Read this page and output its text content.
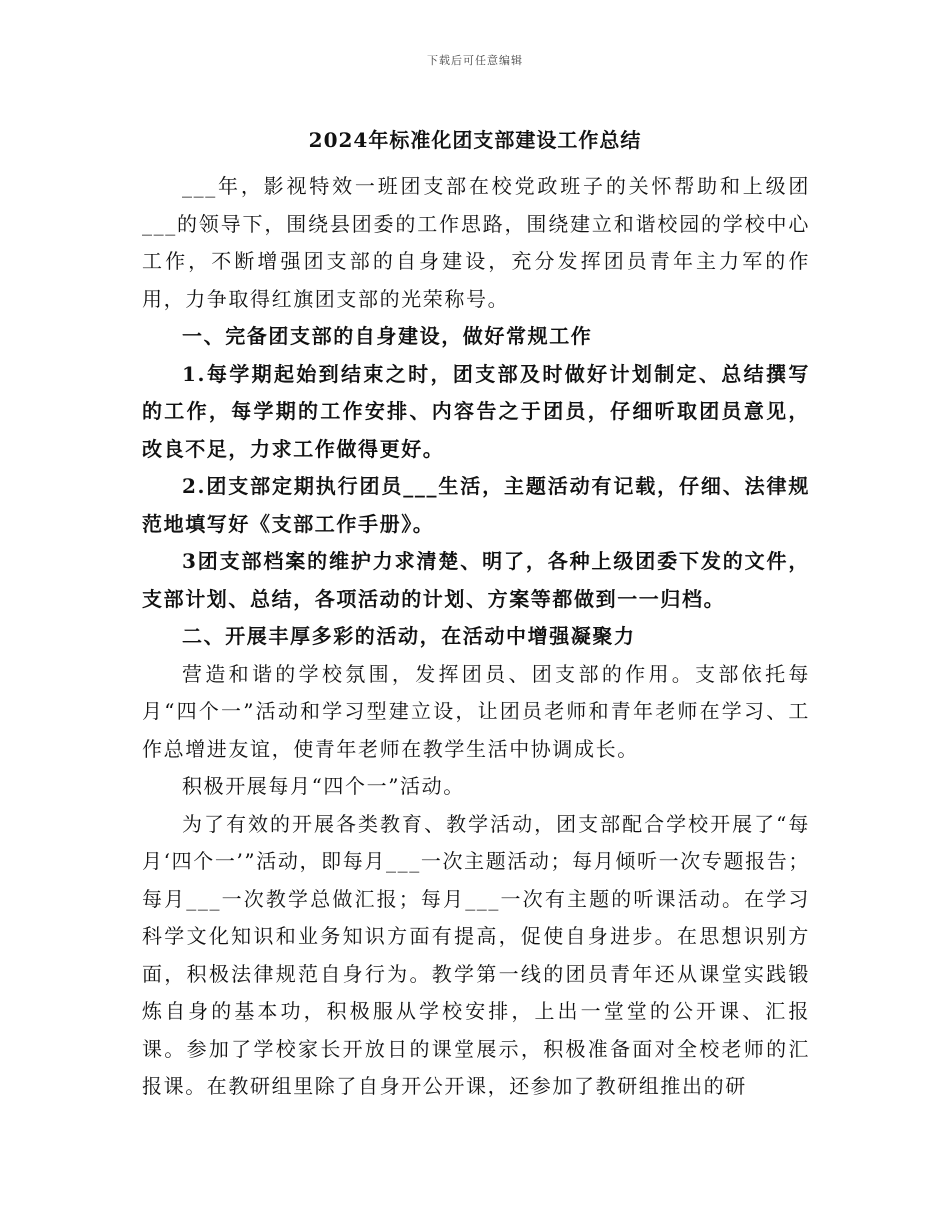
下载后可任意编辑
2024年标准化团支部建设工作总结

___年，影视特效一班团支部在校党政班子的关怀帮助和上级团___的领导下，围绕县团委的工作思路，围绕建立和谐校园的学校中心工作，不断增强团支部的自身建设，充分发挥团员青年主力军的作用，力争取得红旗团支部的光荣称号。

一、完备团支部的自身建设，做好常规工作

1.每学期起始到结束之时，团支部及时做好计划制定、总结撰写的工作，每学期的工作安排、内容告之于团员，仔细听取团员意见，改良不足，力求工作做得更好。

2.团支部定期执行团员___生活，主题活动有记载，仔细、法律规范地填写好《支部工作手册》。

3团支部档案的维护力求清楚、明了，各种上级团委下发的文件，支部计划、总结，各项活动的计划、方案等都做到一一归档。

二、开展丰厚多彩的活动，在活动中增强凝聚力

营造和谐的学校氛围，发挥团员、团支部的作用。支部依托每月“四个一”活动和学习型建立设，让团员老师和青年老师在学习、工作总增进友谊，使青年老师在教学生活中协调成长。

积极开展每月“四个一”活动。

为了有效的开展各类教育、教学活动，团支部配合学校开展了“每月‘四个一’”活动，即每月___一次主题活动；每月倾听一次专题报告；每月___一次教学总做汇报；每月___一次有主题的听课活动。在学习科学文化知识和业务知识方面有提高，促使自身进步。在思想识别方面，积极法律规范自身行为。教学第一线的团员青年还从课堂实践锻炼自身的基本功，积极服从学校安排，上出一堂堂的公开课、汇报课。参加了学校家长开放日的课堂展示，积极准备面对全校老师的汇报课。在教研组里除了自身开公开课，还参加了教研组推出的研
